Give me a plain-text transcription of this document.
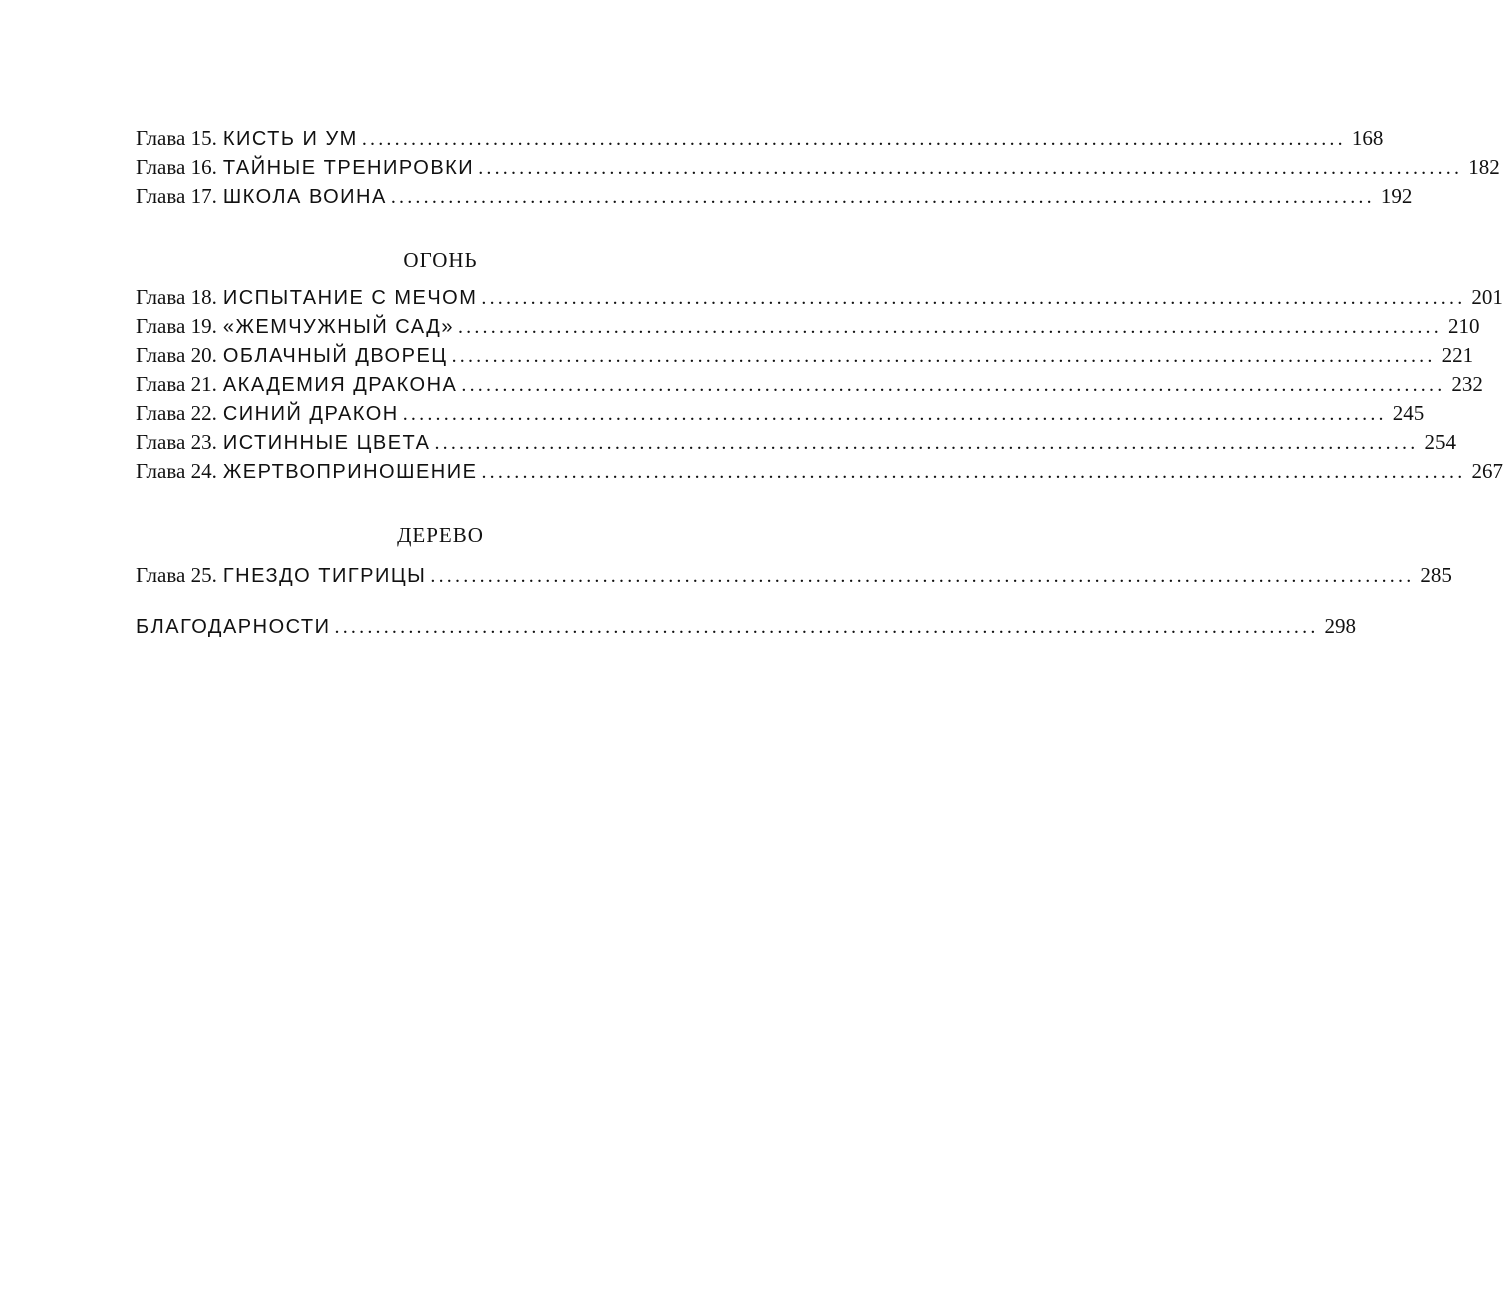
Глава 15. КИСТЬ И УМ ........................................................................................................................ 168
Глава 16. ТАЙНЫЕ ТРЕНИРОВКИ ........................................................................................................................ 182
Глава 17. ШКОЛА ВОИНА ........................................................................................................................ 192
ОГОНЬ
Глава 18. ИСПЫТАНИЕ С МЕЧОМ ........................................................................................................................ 201
Глава 19. «ЖЕМЧУЖНЫЙ САД» ........................................................................................................................ 210
Глава 20. ОБЛАЧНЫЙ ДВОРЕЦ ........................................................................................................................ 221
Глава 21. АКАДЕМИЯ ДРАКОНА ........................................................................................................................ 232
Глава 22. СИНИЙ ДРАКОН ........................................................................................................................ 245
Глава 23. ИСТИННЫЕ ЦВЕТА ........................................................................................................................ 254
Глава 24. ЖЕРТВОПРИНОШЕНИЕ ........................................................................................................................ 267
ДЕРЕВО
Глава 25. ГНЕЗДО ТИГРИЦЫ ........................................................................................................................ 285
БЛАГОДАРНОСТИ ........................................................................................................................ 298
